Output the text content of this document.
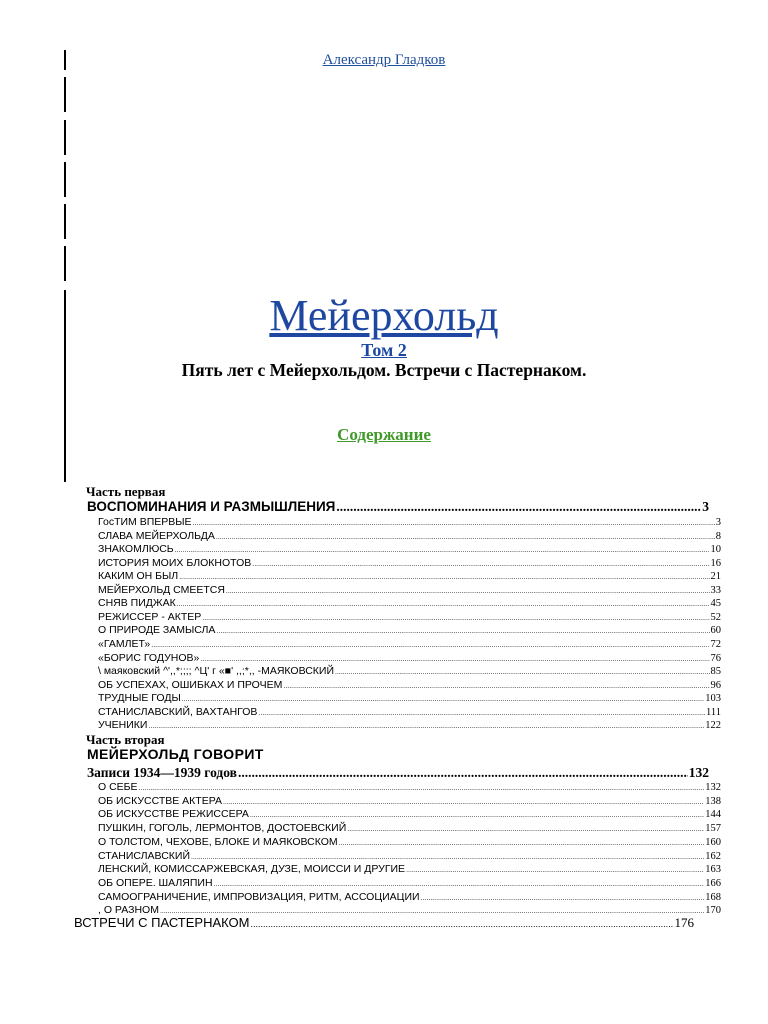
Александр Гладков
Мейерхольд
Том 2
Пять лет с Мейерхольдом. Встречи с Пастернаком.
Содержание
Часть первая
ВОСПОМИНАНИЯ И РАЗМЫШЛЕНИЯ .....	3
ГосТИМ ВПЕРВЫЕ .....	3
СЛАВА МЕЙЕРХОЛЬДА .....	8
ЗНАКОМЛЮСЬ .....	10
ИСТОРИЯ МОИХ БЛОКНОТОВ .....	16
КАКИМ ОН БЫЛ .....	21
МЕЙЕРХОЛЬД СМЕЕТСЯ .....	33
СНЯВ ПИДЖАК .....	45
РЕЖИССЕР - АКТЕР .....	52
О ПРИРОДЕ ЗАМЫСЛА .....	60
«ГАМЛЕТ» .....	72
«БОРИС ГОДУНОВ» .....	76
\ маяковский ^',,*;;;; ^Ц' г «■' ,,;*,, -МАЯКОВСКИЙ .....	85
ОБ УСПЕХАХ, ОШИБКАХ И ПРОЧЕМ .....	96
ТРУДНЫЕ ГОДЫ .....	103
СТАНИСЛАВСКИЙ, ВАХТАНГОВ .....	111
УЧЕНИКИ .....	122
Часть вторая
МЕЙЕРХОЛЬД ГОВОРИТ
Записи 1934—1939 годов .....	132
О СЕБЕ .....	132
ОБ ИСКУССТВЕ АКТЕРА .....	138
ОБ ИСКУССТВЕ РЕЖИССЕРА .....	144
ПУШКИН, ГОГОЛЬ, ЛЕРМОНТОВ, ДОСТОЕВСКИЙ .....	157
О ТОЛСТОМ, ЧЕХОВЕ, БЛОКЕ И МАЯКОВСКОМ .....	160
СТАНИСЛАВСКИЙ .....	162
ЛЕНСКИЙ, КОМИССАРЖЕВСКАЯ, ДУЗЕ, МОИССИ И ДРУГИЕ .....	163
ОБ ОПЕРЕ. ШАЛЯПИН .....	166
САМООГРАНИЧЕНИЕ, ИМПРОВИЗАЦИЯ, РИТМ, АССОЦИАЦИИ .....	168
, О РАЗНОМ .....	170
ВСТРЕЧИ С ПАСТЕРНАКОМ .....	176
